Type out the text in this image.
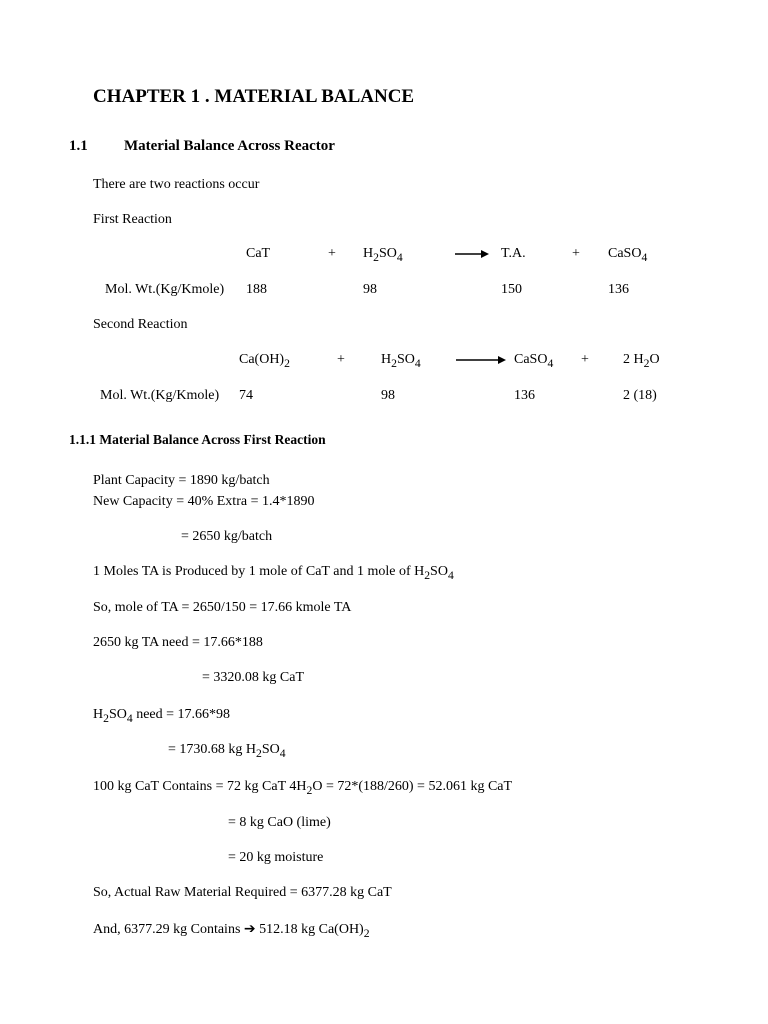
CHAPTER 1 . MATERIAL BALANCE
1.1 Material Balance Across Reactor
There are two reactions occur
First Reaction
CaT	+ $H_2SO_4$	→ T.A.	+ CaSO$_4$
Mol. Wt.(Kg/Kmole) 188	98	150	136
Second Reaction
$Ca(OH)_2$	+	$H_2SO_4$ → CaSO$_4$ + 2 $H_2O$
Mol. Wt.(Kg/Kmole) 74	98	136	2 (18)
1.1.1 Material Balance Across First Reaction
Plant Capacity = 1890 kg/batch
New Capacity = 40% Extra = 1.4*1890
= 2650 kg/batch
1 Moles TA is Produced by 1 mole of CaT and 1 mole of $H_2SO_4$
So, mole of TA = 2650/150 = 17.66 kmole TA
2650 kg TA need = 17.66*188
= 3320.08 kg CaT
$H_2SO_4$ need = 17.66*98
= 1730.68 kg $H_2SO_4$
100 kg CaT Contains = 72 kg CaT $4H_2O = 72*(188/260) = 52.061$ kg CaT
= 8 kg CaO (lime)
= 20 kg moisture
So, Actual Raw Material Required = 6377.28 kg CaT
And, 6377.29 kg Contains ➔ 512.18 kg $Ca(OH)_2$
